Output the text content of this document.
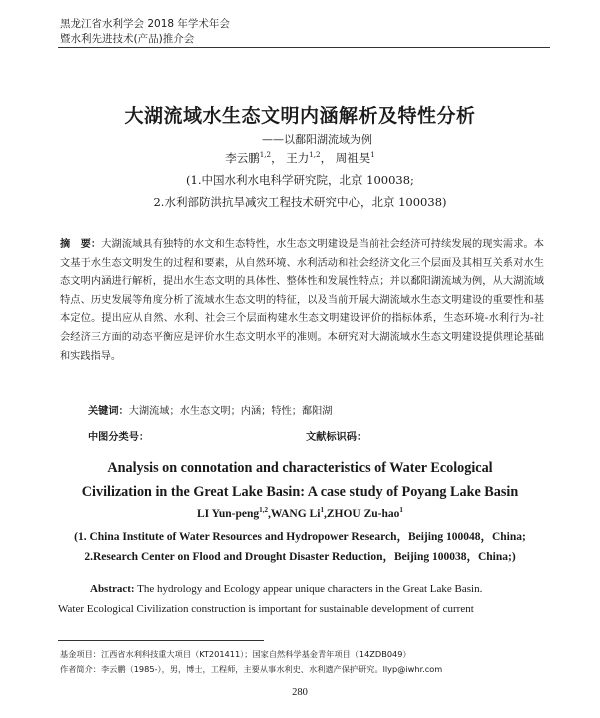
黑龙江省水利学会 2018 年学术年会
暨水利先进技术(产品)推介会
大湖流域水生态文明内涵解析及特性分析
——以鄱阳湖流域为例
李云鹏$^{1,2}$， 王力$^{1,2}$， 周祖昊$^1$
(1.中国水利水电科学研究院，北京 100038;
2.水利部防洪抗旱减灾工程技术研究中心，北京 100038)
摘　要：大湖流域具有独特的水文和生态特性，水生态文明建设是当前社会经济可持续发展的现实需求。本文基于水生态文明发生的过程和要素，从自然环境、水利活动和社会经济文化三个层面及其相互关系对水生态文明内涵进行解析，提出水生态文明的具体性、整体性和发展性特点；并以鄱阳湖流域为例，从大湖流域特点、历史发展等角度分析了流域水生态文明的特征，以及当前开展大湖流域水生态文明建设的重要性和基本定位。提出应从自然、水利、社会三个层面构建水生态文明建设评价的指标体系，生态环境-水利行为-社会经济三方面的动态平衡应是评价水生态文明水平的准则。本研究对大湖流域水生态文明建设提供理论基础和实践指导。
关键词：大湖流域；水生态文明；内涵；特性；鄱阳湖
中图分类号：	文献标识码：
Analysis on connotation and characteristics of Water Ecological
Civilization in the Great Lake Basin: A case study of Poyang Lake Basin
LI Yun-peng$^{1,2}$,WANG Li$^1$,ZHOU Zu-hao$^1$
(1. China Institute of Water Resources and Hydropower Research，Beijing 100048，China;
2.Research Center on Flood and Drought Disaster Reduction，Beijing 100038，China;)
Abstract: The hydrology and Ecology appear unique characters in the Great Lake Basin.
Water Ecological Civilization construction is important for sustainable development of current
基金项目：江西省水利科技重大项目（KT201411）；国家自然科学基金青年项目（14ZDB049）
作者简介：李云鹏（1985-），男，博士，工程师，主要从事水利史、水利遗产保护研究。llyp@iwhr.com
280
